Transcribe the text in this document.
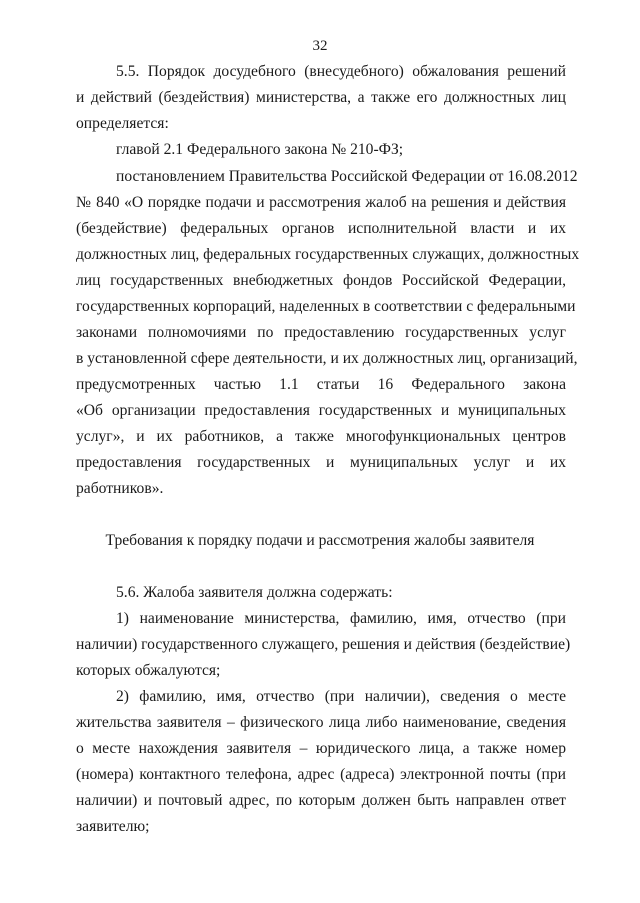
32
5.5. Порядок досудебного (внесудебного) обжалования решений
и действий (бездействия) министерства, а также его должностных лиц
определяется:
главой 2.1 Федерального закона № 210-ФЗ;
постановлением Правительства Российской Федерации от 16.08.2012
№ 840 «О порядке подачи и рассмотрения жалоб на решения и действия
(бездействие) федеральных органов исполнительной власти и их
должностных лиц, федеральных государственных служащих, должностных
лиц государственных внебюджетных фондов Российской Федерации,
государственных корпораций, наделенных в соответствии с федеральными
законами полномочиями по предоставлению государственных услуг
в установленной сфере деятельности, и их должностных лиц, организаций,
предусмотренных частью 1.1 статьи 16 Федерального закона
«Об организации предоставления государственных и муниципальных
услуг», и их работников, а также многофункциональных центров
предоставления государственных и муниципальных услуг и их
работников».
Требования к порядку подачи и рассмотрения жалобы заявителя
5.6. Жалоба заявителя должна содержать:
1) наименование министерства, фамилию, имя, отчество (при
наличии) государственного служащего, решения и действия (бездействие)
которых обжалуются;
2) фамилию, имя, отчество (при наличии), сведения о месте
жительства заявителя – физического лица либо наименование, сведения
о месте нахождения заявителя – юридического лица, а также номер
(номера) контактного телефона, адрес (адреса) электронной почты (при
наличии) и почтовый адрес, по которым должен быть направлен ответ
заявителю;
